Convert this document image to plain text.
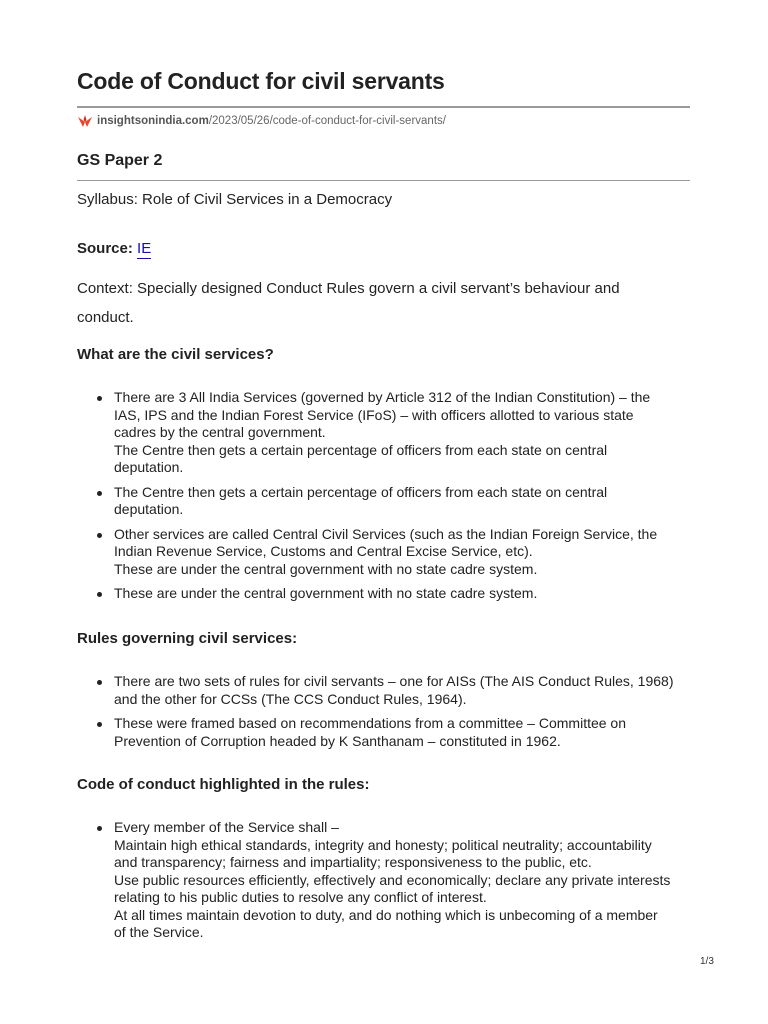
Code of Conduct for civil servants
insightsonindia.com /2023/05/26/code-of-conduct-for-civil-servants/
GS Paper 2
Syllabus: Role of Civil Services in a Democracy
Source: IE

Context: Specially designed Conduct Rules govern a civil servant’s behaviour and
conduct.

What are the civil services?
There are 3 All India Services (governed by Article 312 of the Indian Constitution) – the
IAS, IPS and the Indian Forest Service (IFoS) – with officers allotted to various state
cadres by the central government.
The Centre then gets a certain percentage of officers from each state on central
deputation.
The Centre then gets a certain percentage of officers from each state on central
deputation.
Other services are called Central Civil Services (such as the Indian Foreign Service, the
Indian Revenue Service, Customs and Central Excise Service, etc).
These are under the central government with no state cadre system.
These are under the central government with no state cadre system.
Rules governing civil services:
There are two sets of rules for civil servants – one for AISs (The AIS Conduct Rules, 1968)
and the other for CCSs (The CCS Conduct Rules, 1964).
These were framed based on recommendations from a committee – Committee on
Prevention of Corruption headed by K Santhanam – constituted in 1962.
Code of conduct highlighted in the rules:
Every member of the Service shall –
Maintain high ethical standards, integrity and honesty; political neutrality; accountability
and transparency; fairness and impartiality; responsiveness to the public, etc.
Use public resources efficiently, effectively and economically; declare any private interests
relating to his public duties to resolve any conflict of interest.
At all times maintain devotion to duty, and do nothing which is unbecoming of a member
of the Service.
1/3
